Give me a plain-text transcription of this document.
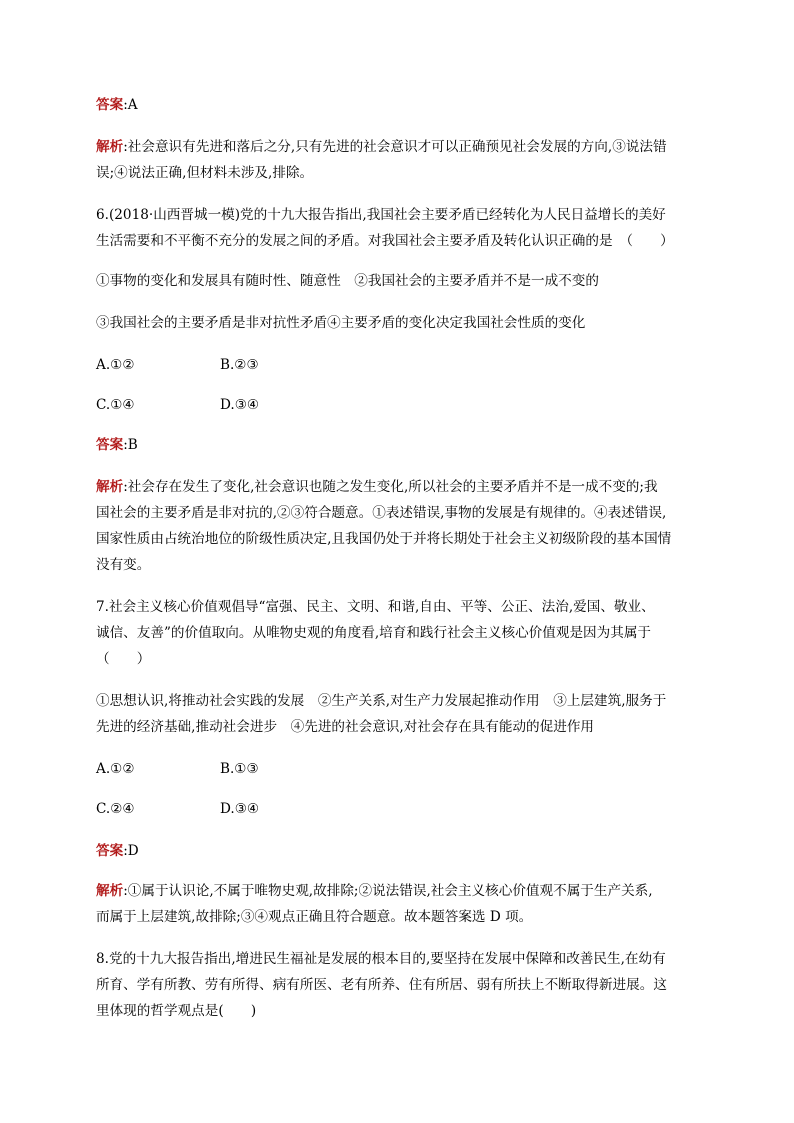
答案:A
解析:社会意识有先进和落后之分,只有先进的社会意识才可以正确预见社会发展的方向,③说法错
误;④说法正确,但材料未涉及,排除。
6.(2018·山西晋城一模)党的十九大报告指出,我国社会主要矛盾已经转化为人民日益增长的美好
生活需要和不平衡不充分的发展之间的矛盾。对我国社会主要矛盾及转化认识正确的是　（　　）
①事物的变化和发展具有随时性、随意性　②我国社会的主要矛盾并不是一成不变的
③我国社会的主要矛盾是非对抗性矛盾④主要矛盾的变化决定我国社会性质的变化
A.①②	B.②③
C.①④	D.③④
答案:B
解析:社会存在发生了变化,社会意识也随之发生变化,所以社会的主要矛盾并不是一成不变的;我
国社会的主要矛盾是非对抗的,②③符合题意。①表述错误,事物的发展是有规律的。④表述错误,
国家性质由占统治地位的阶级性质决定,且我国仍处于并将长期处于社会主义初级阶段的基本国情
没有变。
7.社会主义核心价值观倡导“富强、民主、文明、和谐,自由、平等、公正、法治,爱国、敬业、
诚信、友善”的价值取向。从唯物史观的角度看,培育和践行社会主义核心价值观是因为其属于
（　　）
①思想认识,将推动社会实践的发展　②生产关系,对生产力发展起推动作用　③上层建筑,服务于
先进的经济基础,推动社会进步　④先进的社会意识,对社会存在具有能动的促进作用
A.①②	B.①③
C.②④	D.③④
答案:D
解析:①属于认识论,不属于唯物史观,故排除;②说法错误,社会主义核心价值观不属于生产关系,
而属于上层建筑,故排除;③④观点正确且符合题意。故本题答案选 D 项。
8.党的十九大报告指出,增进民生福祉是发展的根本目的,要坚持在发展中保障和改善民生,在幼有
所育、学有所教、劳有所得、病有所医、老有所养、住有所居、弱有所扶上不断取得新进展。这
里体现的哲学观点是(　　)
